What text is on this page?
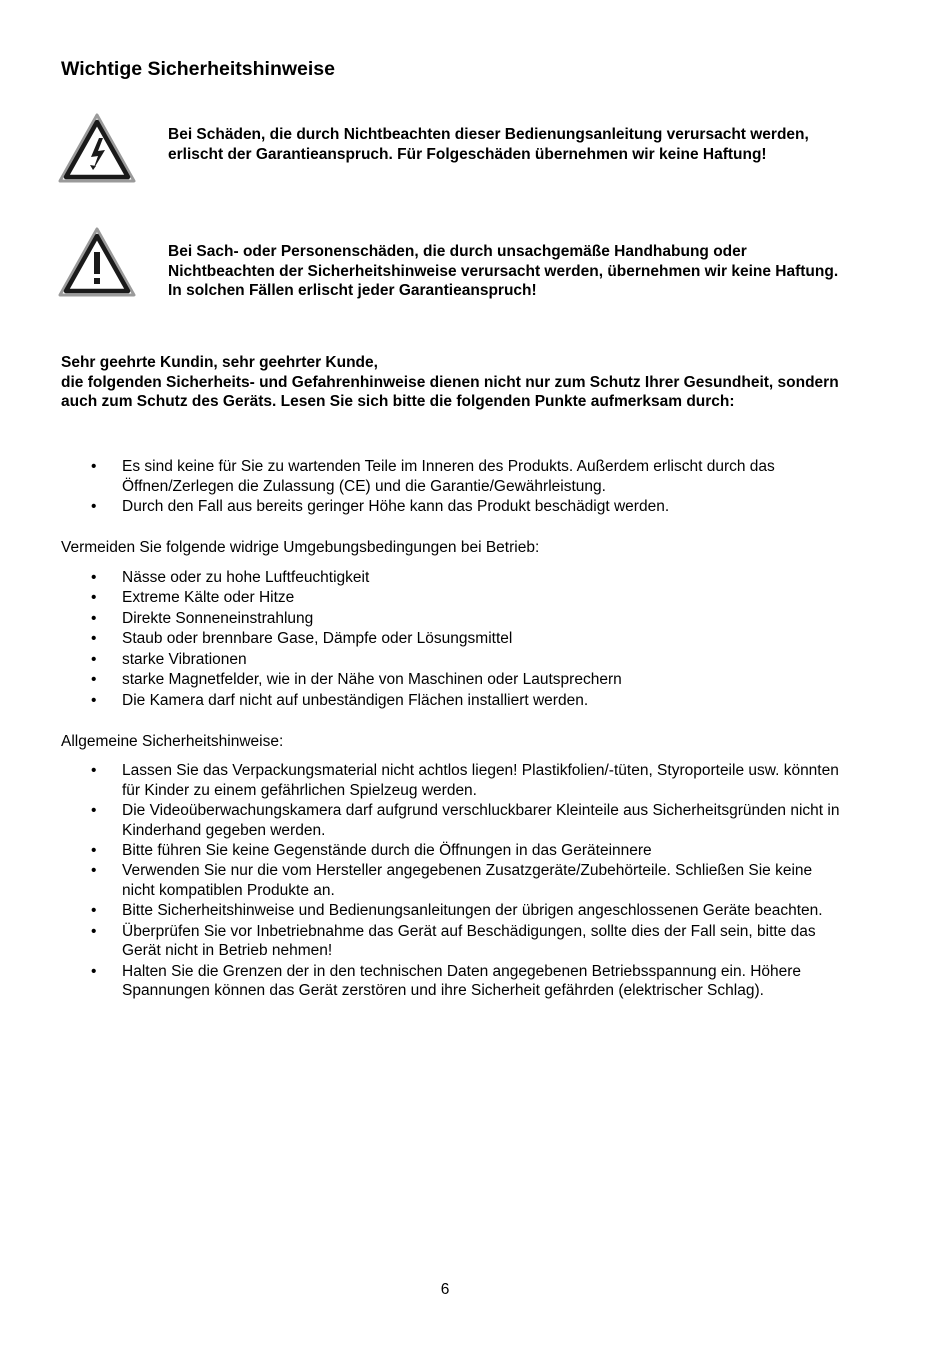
Wichtige Sicherheitshinweise

Bei Schäden, die durch Nichtbeachten dieser Bedienungsanleitung verursacht werden, erlischt der Garantieanspruch. Für Folgeschäden übernehmen wir keine Haftung!

Bei Sach- oder Personenschäden, die durch unsachgemäße Handhabung oder Nichtbeachten der Sicherheitshinweise verursacht werden, übernehmen wir keine Haftung. In solchen Fällen erlischt jeder Garantieanspruch!

Sehr geehrte Kundin, sehr geehrter Kunde,
die folgenden Sicherheits- und Gefahrenhinweise dienen nicht nur zum Schutz Ihrer Gesundheit, sondern auch zum Schutz des Geräts. Lesen Sie sich bitte die folgenden Punkte aufmerksam durch:

• Es sind keine für Sie zu wartenden Teile im Inneren des Produkts. Außerdem erlischt durch das Öffnen/Zerlegen die Zulassung (CE) und die Garantie/Gewährleistung.
• Durch den Fall aus bereits geringer Höhe kann das Produkt beschädigt werden.

Vermeiden Sie folgende widrige Umgebungsbedingungen bei Betrieb:

• Nässe oder zu hohe Luftfeuchtigkeit
• Extreme Kälte oder Hitze
• Direkte Sonneneinstrahlung
• Staub oder brennbare Gase, Dämpfe oder Lösungsmittel
• starke Vibrationen
• starke Magnetfelder, wie in der Nähe von Maschinen oder Lautsprechern
• Die Kamera darf nicht auf unbeständigen Flächen installiert werden.

Allgemeine Sicherheitshinweise:

• Lassen Sie das Verpackungsmaterial nicht achtlos liegen! Plastikfolien/-tüten, Styroporteile usw. könnten für Kinder zu einem gefährlichen Spielzeug werden.
• Die Videoüberwachungskamera darf aufgrund verschluckbarer Kleinteile aus Sicherheitsgründen nicht in Kinderhand gegeben werden.
• Bitte führen Sie keine Gegenstände durch die Öffnungen in das Geräteinnere
• Verwenden Sie nur die vom Hersteller angegebenen Zusatzgeräte/Zubehörteile. Schließen Sie keine nicht kompatiblen Produkte an.
• Bitte Sicherheitshinweise und Bedienungsanleitungen der übrigen angeschlossenen Geräte beachten.
• Überprüfen Sie vor Inbetriebnahme das Gerät auf Beschädigungen, sollte dies der Fall sein, bitte das Gerät nicht in Betrieb nehmen!
• Halten Sie die Grenzen der in den technischen Daten angegebenen Betriebsspannung ein. Höhere Spannungen können das Gerät zerstören und ihre Sicherheit gefährden (elektrischer Schlag).
6
